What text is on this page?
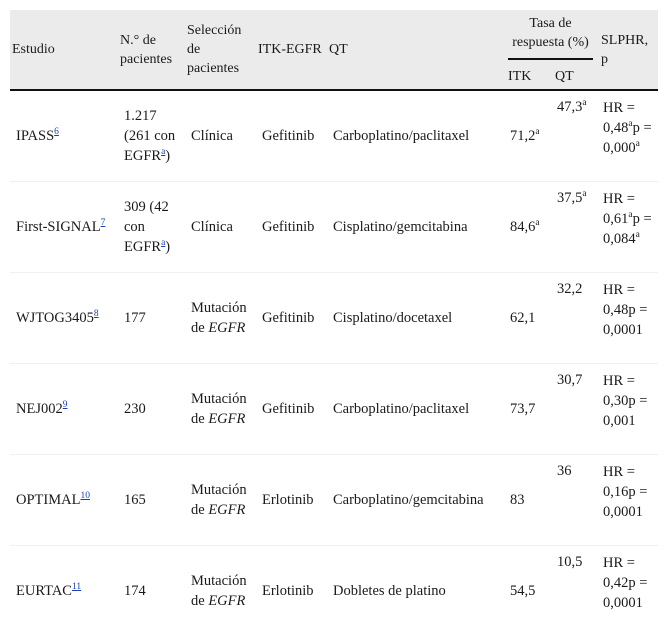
Estudio	N.° de pacientes	Selección de pacientes	ITK-EGFR	QT	Tasa de respuesta (%)		SLPHR, p
					ITK	QT	
IPASS$^6$	1.217 (261 con EGFR$^a$)	Clínica	Gefitinib	Carboplatino/paclitaxel	71,2$^a$	47,3$^a$	HR = 0,48$^a$p = 0,000$^a$
First-SIGNAL$^7$	309 (42 con EGFR$^a$)	Clínica	Gefitinib	Cisplatino/gemcitabina	84,6$^a$	37,5$^a$	HR = 0,61$^a$p = 0,084$^a$
WJTOG3405$^8$	177	Mutación de EGFR	Gefitinib	Cisplatino/docetaxel	62,1	32,2	HR = 0,48p = 0,0001
$NEJ002^9$	230	Mutación de EGFR	Gefitinib	Carboplatino/paclitaxel	73,7	30,7	HR = 0,30p = 0,001
OPTIMAL$^{10}$	165	Mutación de EGFR	Erlotinib	Carboplatino/gemcitabina	83	36	HR = 0,16p = 0,0001
EURTAC$^{11}$	174	Mutación de EGFR	Erlotinib	Dobletes de platino	54,5	10,5	HR = 0,42p = 0,0001
